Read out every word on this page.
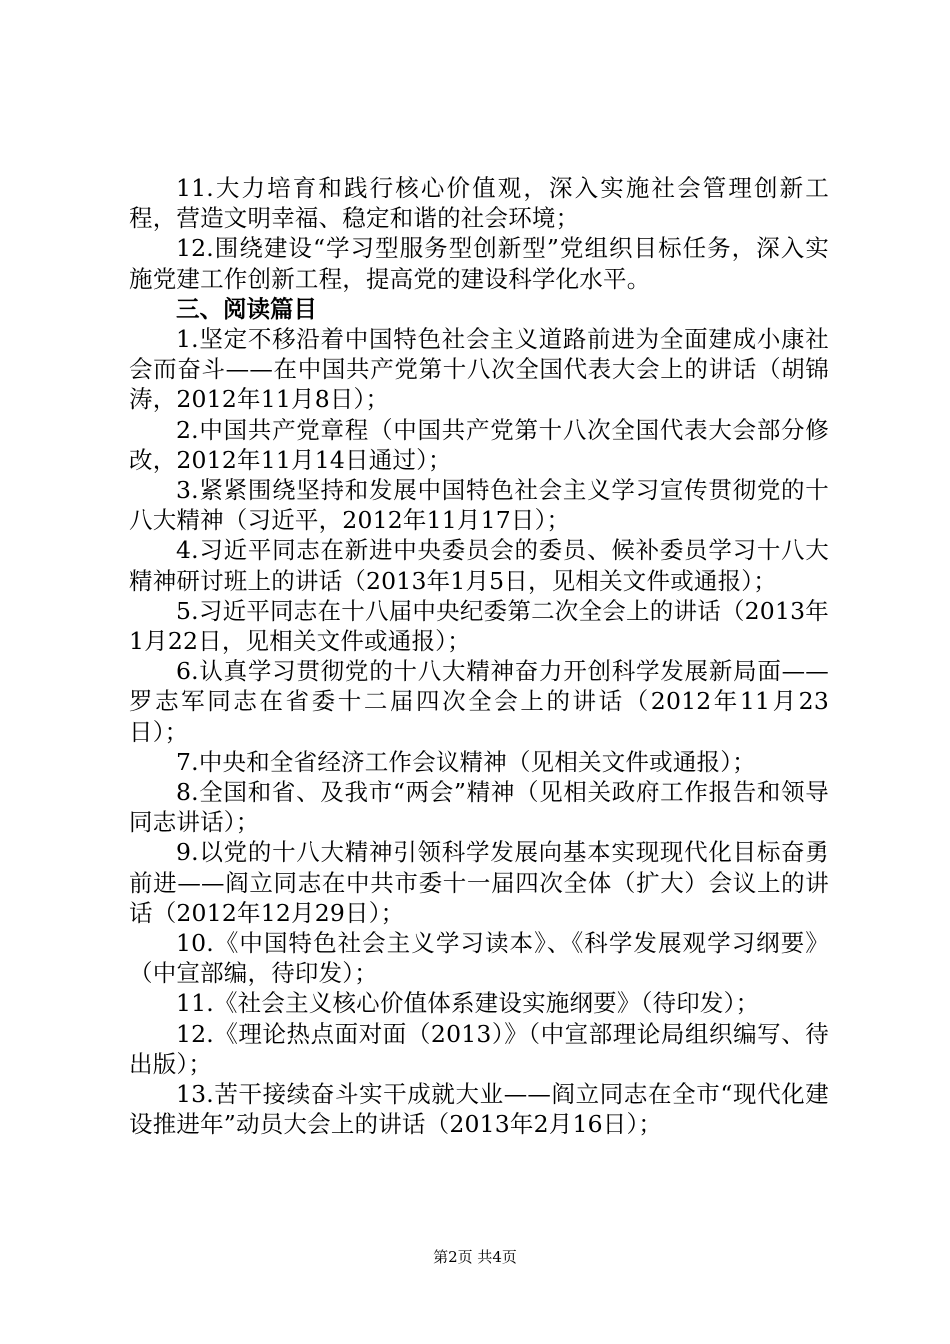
11.大力培育和践行核心价值观，深入实施社会管理创新工程，营造文明幸福、稳定和谐的社会环境；

12.围绕建设“学习型服务型创新型”党组织目标任务，深入实施党建工作创新工程，提高党的建设科学化水平。

三、阅读篇目

1.坚定不移沿着中国特色社会主义道路前进为全面建成小康社会而奋斗——在中国共产党第十八次全国代表大会上的讲话（胡锦涛，2012年11月8日）；

2.中国共产党章程（中国共产党第十八次全国代表大会部分修改，2012年11月14日通过）；

3.紧紧围绕坚持和发展中国特色社会主义学习宣传贯彻党的十八大精神（习近平，2012年11月17日）；

4.习近平同志在新进中央委员会的委员、候补委员学习十八大精神研讨班上的讲话（2013年1月5日，见相关文件或通报）；

5.习近平同志在十八届中央纪委第二次全会上的讲话（2013年1月22日，见相关文件或通报）；

6.认真学习贯彻党的十八大精神奋力开创科学发展新局面——罗志军同志在省委十二届四次全会上的讲话（2012年11月23日）；

7.中央和全省经济工作会议精神（见相关文件或通报）；

8.全国和省、及我市“两会”精神（见相关政府工作报告和领导同志讲话）；

9.以党的十八大精神引领科学发展向基本实现现代化目标奋勇前进——阎立同志在中共市委十一届四次全体（扩大）会议上的讲话（2012年12月29日）；

10.《中国特色社会主义学习读本》、《科学发展观学习纲要》（中宣部编，待印发）；

11.《社会主义核心价值体系建设实施纲要》（待印发）；

12.《理论热点面对面（2013）》（中宣部理论局组织编写、待出版）；

13.苦干接续奋斗实干成就大业——阎立同志在全市“现代化建设推进年”动员大会上的讲话（2013年2月16日）；

第2页 共4页
